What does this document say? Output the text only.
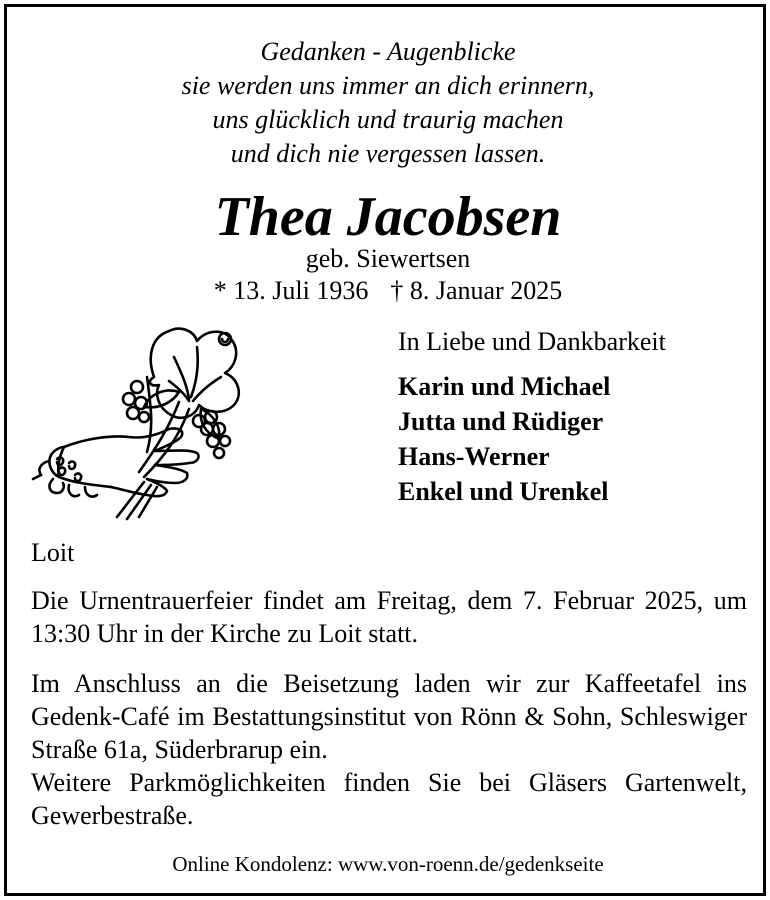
Gedanken - Augenblicke
sie werden uns immer an dich erinnern,
uns glücklich und traurig machen
und dich nie vergessen lassen.
Thea Jacobsen
geb. Siewertsen
* 13. Juli 1936 † 8. Januar 2025
In Liebe und Dankbarkeit
Karin und Michael
Jutta und Rüdiger
Hans-Werner
Enkel und Urenkel
Loit
Die Urnentrauerfeier findet am Freitag, dem 7. Februar 2025, um 13:30 Uhr in der Kirche zu Loit statt.
Im Anschluss an die Beisetzung laden wir zur Kaffeetafel ins Gedenk-Café im Bestattungsinstitut von Rönn & Sohn, Schleswiger Straße 61a, Süderbrarup ein.
Weitere Parkmöglichkeiten finden Sie bei Gläsers Gartenwelt, Gewerbestraße.
Online Kondolenz: www.von-roenn.de/gedenkseite
